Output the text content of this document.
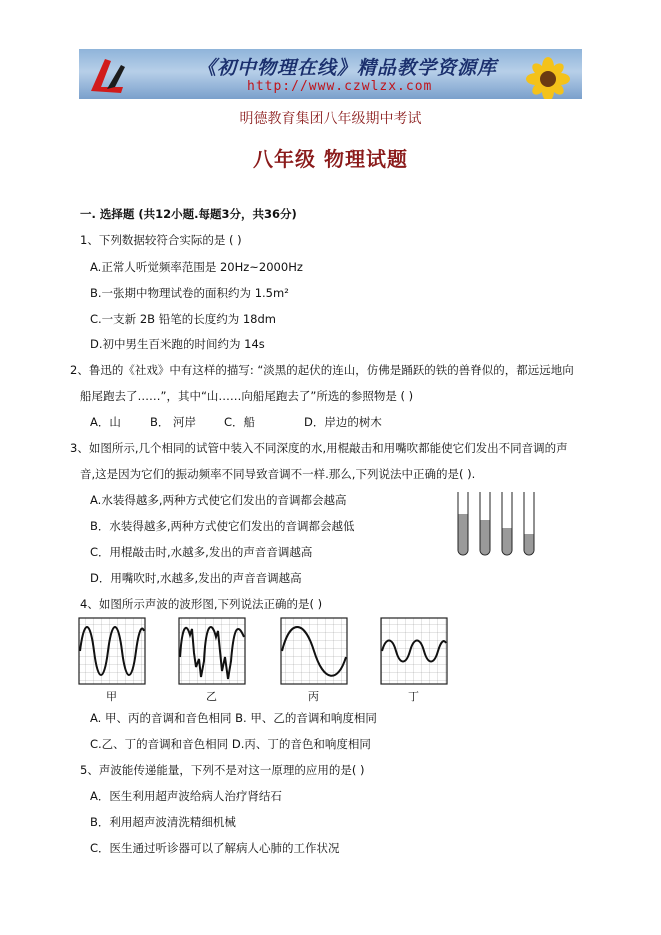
《初中物理在线》精品教学资源库
http://www.czwlzx.com
明德教育集团八年级期中考试
八年级 物理试题
一. 选择题 (共12小题.每题3分，共36分)
1、下列数据较符合实际的是 ( )
A.正常人听觉频率范围是 20Hz~2000Hz
B.一张期中物理试卷的面积约为 1.5m²
C.一支新 2B 铅笔的长度约为 18dm
D.初中男生百米跑的时间约为 14s
2、鲁迅的《社戏》中有这样的描写: “淡黑的起伏的连山，仿佛是踊跃的铁的兽脊似的，都远远地向
船尾跑去了……”，其中“山……向船尾跑去了”所选的参照物是 ( )
A．山	B． 河岸 C．船	D．岸边的树木
3、如图所示,几个相同的试管中装入不同深度的水,用棍敲击和用嘴吹都能使它们发出不同音调的声
音,这是因为它们的振动频率不同导致音调不一样.那么,下列说法中正确的是( ).
A.水装得越多,两种方式使它们发出的音调都会越高
B．水装得越多,两种方式使它们发出的音调都会越低
C．用棍敲击时,水越多,发出的声音音调越高
D．用嘴吹时,水越多,发出的声音音调越高
4、如图所示声波的波形图,下列说法正确的是( )
甲	乙	丙	丁
A. 甲、丙的音调和音色相同 B. 甲、乙的音调和响度相同
C.乙、丁的音调和音色相同 D.丙、丁的音色和响度相同
5、声波能传递能量，下列不是对这一原理的应用的是( )
A．医生利用超声波给病人治疗肾结石
B．利用超声波清洗精细机械
C．医生通过听诊器可以了解病人心肺的工作状况
